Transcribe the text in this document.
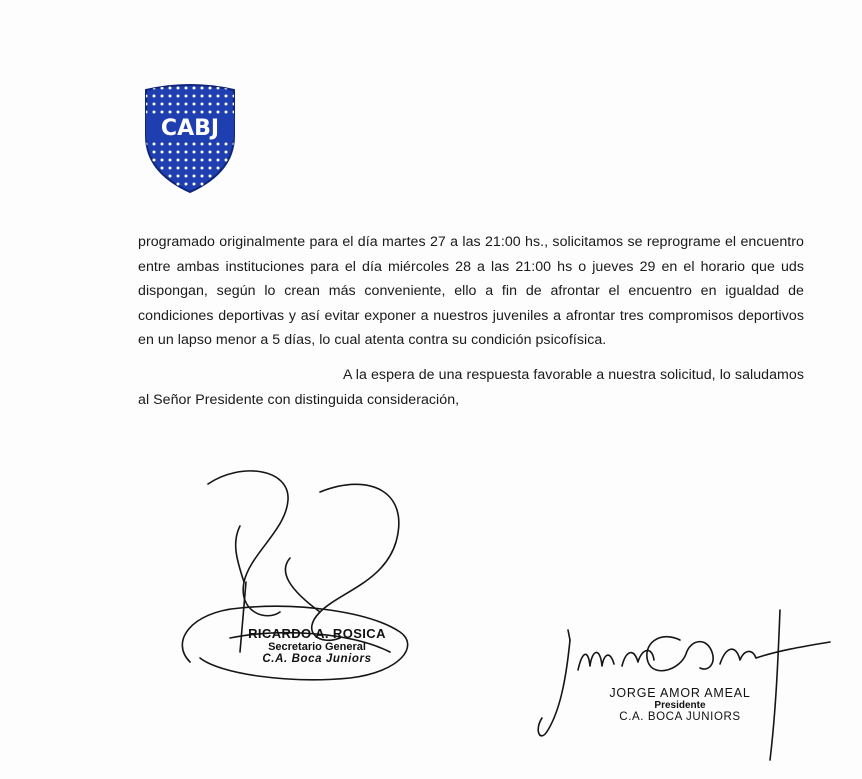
CABJ

programado originalmente para el día martes 27 a las 21:00 hs., solicitamos se reprograme el encuentro entre ambas instituciones para el día miércoles 28 a las 21:00 hs o jueves 29 en el horario que uds dispongan, según lo crean más conveniente, ello a fin de afrontar el encuentro en igualdad de condiciones deportivas y así evitar exponer a nuestros juveniles a afrontar tres compromisos deportivos en un lapso menor a 5 días, lo cual atenta contra su condición psicofísica.

A la espera de una respuesta favorable a nuestra solicitud, lo saludamos al Señor Presidente con distinguida consideración,

RICARDO A. ROSICA
Secretario General
C.A. Boca Juniors
JORGE AMOR AMEAL
Presidente
C.A. BOCA JUNIORS
